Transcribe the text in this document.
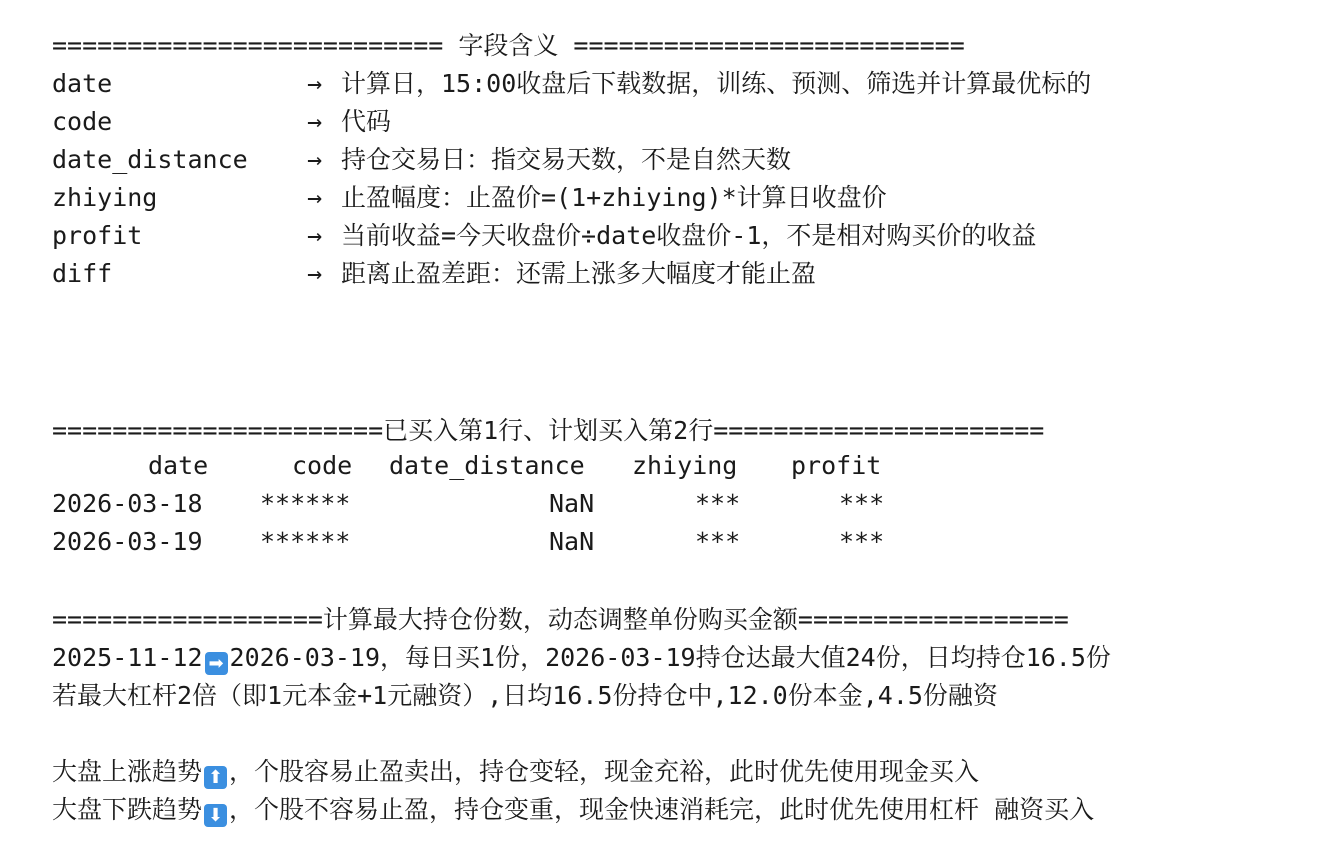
========================== 字段含义 ==========================
date	→ 计算日，15:00收盘后下载数据，训练、预测、筛选并计算最优标的
code	→ 代码
date_distance → 持仓交易日：指交易天数，不是自然天数
zhiying	→ 止盈幅度：止盈价=(1+zhiying)*计算日收盘价
profit	→ 当前收益=今天收盘价÷date收盘价-1，不是相对购买价的收益
diff	→ 距离止盈差距：还需上涨多大幅度才能止盈
======================已买入第1行、计划买入第2行======================
date	code date_distance zhiying profit
2026-03-18 ******	NaN	***	***
2026-03-19 ******	NaN	***	***
==================计算最大持仓份数，动态调整单份购买金额==================
2025-11-12 ➡ 2026-03-19，每日买1份，2026-03-19持仓达最大值24份，日均持仓16.5份
若最大杠杆2倍（即1元本金+1元融资）,日均16.5份持仓中,12.0份本金,4.5份融资
大盘上涨趋势 ⬆ ，个股容易止盈卖出，持仓变轻，现金充裕，此时优先使用现金买入
大盘下跌趋势 ⬇ ，个股不容易止盈，持仓变重，现金快速消耗完，此时优先使用杠杆 融资买入
